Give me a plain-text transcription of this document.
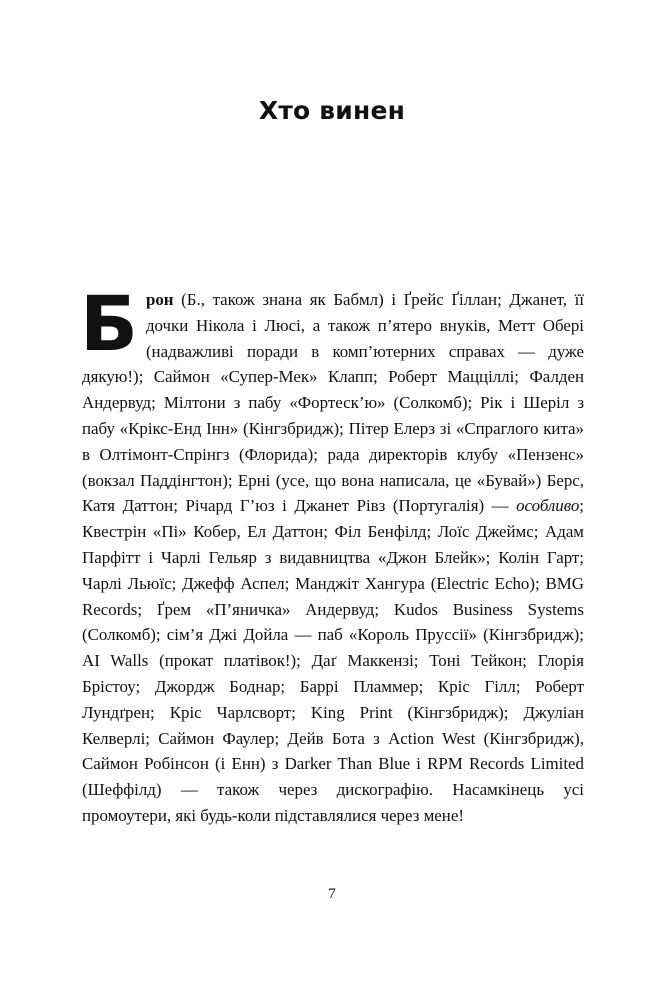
Хто винен

Брон (Б., також знана як Бабмл) і Ґрейс Ґіллан; Джанет, її дочки Нікола і Люсі, а також п’ятеро внуків, Метт Обері (надважливі поради в комп’ютерних справах — дуже дякую!); Саймон «Супер-Мек» Клапп; Роберт Мацціллі; Фалден Андервуд; Мілтони з пабу «Фортеск’ю» (Солкомб); Рік і Шеріл з пабу «Крікс-Енд Інн» (Кінгзбридж); Пітер Елерз зі «Спраглого кита» в Олтімонт-Спрінгз (Флорида); рада директорів клубу «Пензенс» (вокзал Паддінгтон); Ерні (усе, що вона написала, це «Бувай») Берс, Катя Даттон; Річард Г’юз і Джанет Рівз (Португалія) — особливо; Квестрін «Пі» Кобер, Ел Даттон; Філ Бенфілд; Лоїс Джеймс; Адам Парфітт і Чарлі Гельяр з видавництва «Джон Блейк»; Колін Гарт; Чарлі Льюїс; Джефф Аспел; Манджіт Хангура (Electric Echo); BMG Records; Ґрем «П’яничка» Андервуд; Kudos Business Systems (Солкомб); сім’я Джі Дойла — паб «Король Пруссії» (Кінгзбридж); AI Walls (прокат платівок!); Даґ Маккензі; Тоні Тейкон; Глорія Брістоу; Джордж Боднар; Баррі Пламмер; Кріс Гілл; Роберт Лундґрен; Кріс Чарлсворт; King Print (Кінгзбридж); Джуліан Келверлі; Саймон Фаулер; Дейв Бота з Action West (Кінгзбридж), Саймон Робінсон (і Енн) з Darker Than Blue і RPM Records Limited (Шеффілд) — також через дискографію. Насамкінець усі промоутери, які будь-коли підставлялися через мене!

7
